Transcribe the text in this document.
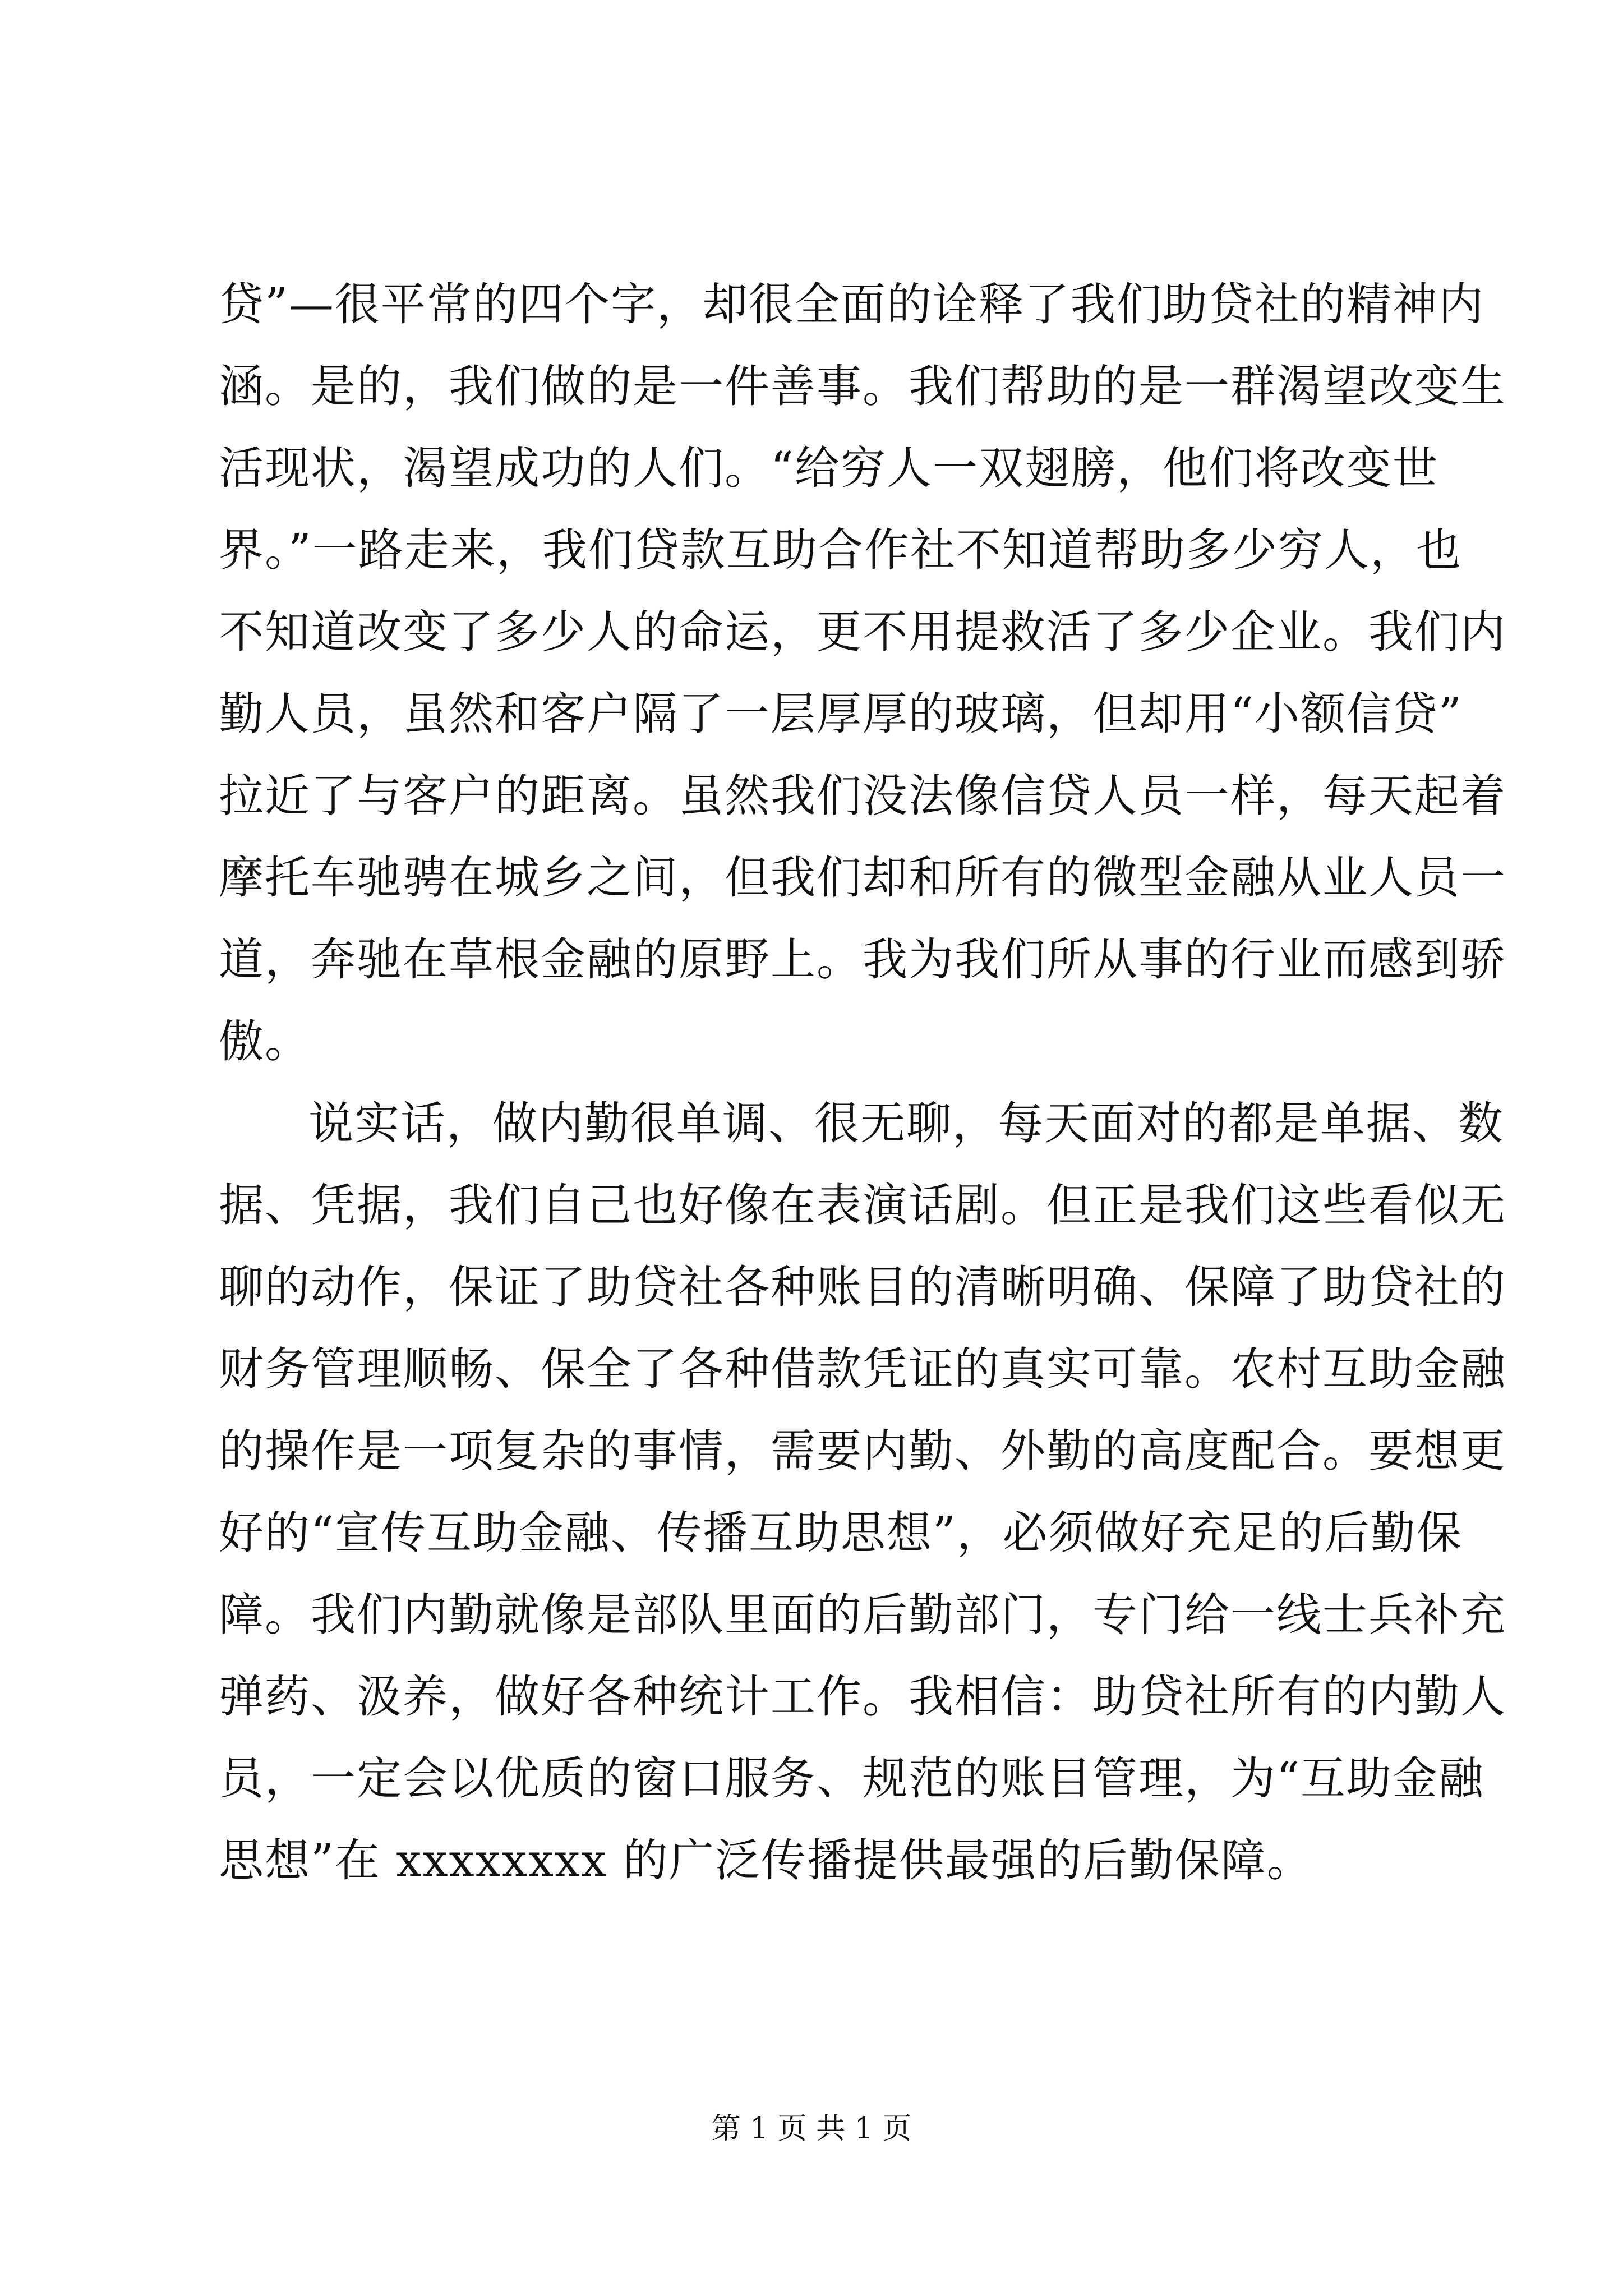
贷”—很平常的四个字，却很全面的诠释了我们助贷社的精神内
涵。是的，我们做的是一件善事。我们帮助的是一群渴望改变生
活现状，渴望成功的人们。“给穷人一双翅膀，他们将改变世
界。”一路走来，我们贷款互助合作社不知道帮助多少穷人，也
不知道改变了多少人的命运，更不用提救活了多少企业。我们内
勤人员，虽然和客户隔了一层厚厚的玻璃，但却用“小额信贷”
拉近了与客户的距离。虽然我们没法像信贷人员一样，每天起着
摩托车驰骋在城乡之间，但我们却和所有的微型金融从业人员一
道，奔驰在草根金融的原野上。我为我们所从事的行业而感到骄
傲。
说实话，做内勤很单调、很无聊，每天面对的都是单据、数
据、凭据，我们自己也好像在表演话剧。但正是我们这些看似无
聊的动作，保证了助贷社各种账目的清晰明确、保障了助贷社的
财务管理顺畅、保全了各种借款凭证的真实可靠。农村互助金融
的操作是一项复杂的事情，需要内勤、外勤的高度配合。要想更
好的“宣传互助金融、传播互助思想”，必须做好充足的后勤保
障。我们内勤就像是部队里面的后勤部门，专门给一线士兵补充
弹药、汲养，做好各种统计工作。我相信：助贷社所有的内勤人
员，一定会以优质的窗口服务、规范的账目管理，为“互助金融
思想”在 xxxxxxxx 的广泛传播提供最强的后勤保障。
第 1 页 共 1 页
